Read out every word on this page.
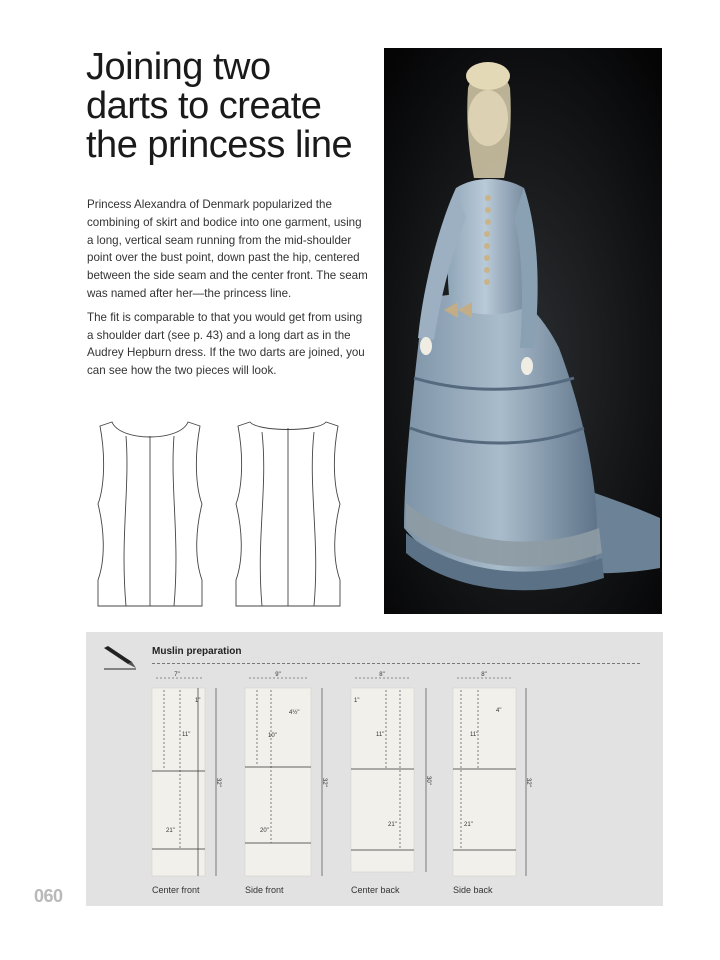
Joining two
darts to create
the princess line

Princess Alexandra of Denmark popularized the combining of skirt and bodice into one garment, using a long, vertical seam running from the mid-shoulder point over the bust point, down past the hip, centered between the side seam and the center front. The seam was named after her—the princess line.

The fit is comparable to that you would get from using a shoulder dart (see p. 43) and a long dart as in the Audrey Hepburn dress. If the two darts are joined, you can see how the two pieces will look.

Muslin preparation
7"
1"
11"
21"
32"
9"
4½"
10"
20"
32"
8"
1"
11"
21"
30"
8"
4"
11"
21"
32"
Center front	Side front	Center back	Side back
060
